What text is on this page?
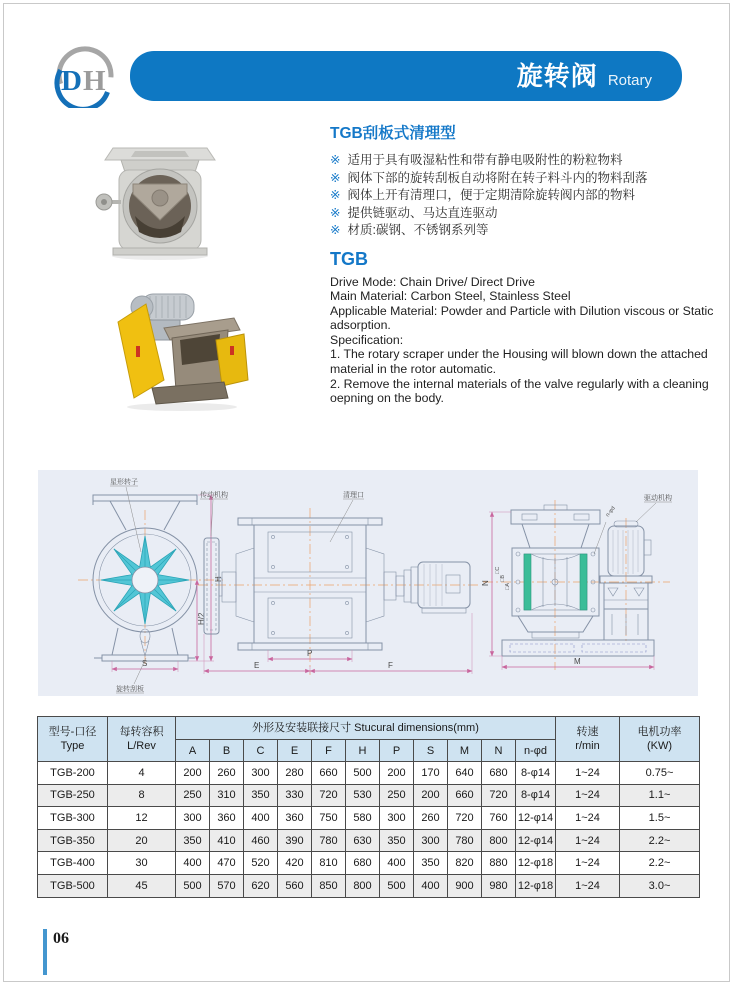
D H	旋转阀 Rotary
TGB刮板式清理型
※ 适用于具有吸湿粘性和带有静电吸附性的粉粒物料
※ 阀体下部的旋转刮板自动将附在转子料斗内的物料刮落
※ 阀体上开有清理口，便于定期清除旋转阀内部的物料
※ 提供链驱动、马达直连驱动
※ 材质:碳钢、不锈钢系列等
TGB
Drive Mode: Chain Drive/ Direct Drive
Main Material: Carbon Steel, Stainless Steel
Applicable Material: Powder and Particle with Dilution viscous or Static adsorption.
Specification:
1. The rotary scraper under the Housing will blown down the attached material in the rotor automatic.
2. Remove the internal materials of the valve regularly with a cleaning oepning on the body.
H
H/2
S
星形转子
旋转刮板
P
E	F
传动机构	清理口
N
□C
□B
□A
M
n-φd
驱动机构
型号-口径
Type

每转容积
L/Rev
	外形及安装联接尺寸 Stucural dimensions(mm)	转速
r/min

电机功率
(KW)

		A	B	C	E	F	H	P	S	M	N	n-φd		
TGB-200	4	200	260	300	280	660	500	200	170	640	680	8-φ14	1~24	0.75~
TGB-250	8	250	310	350	330	720	530	250	200	660	720	8-φ14	1~24	1.1~
TGB-300	12	300	360	400	360	750	580	300	260	720	760	12-φ14	1~24	1.5~
TGB-350	20	350	410	460	390	780	630	350	300	780	800	12-φ14	1~24	2.2~
TGB-400	30	400	470	520	420	810	680	400	350	820	880	12-φ18	1~24	2.2~
TGB-500	45	500	570	620	560	850	800	500	400	900	980	12-φ18	1~24	3.0~
06
